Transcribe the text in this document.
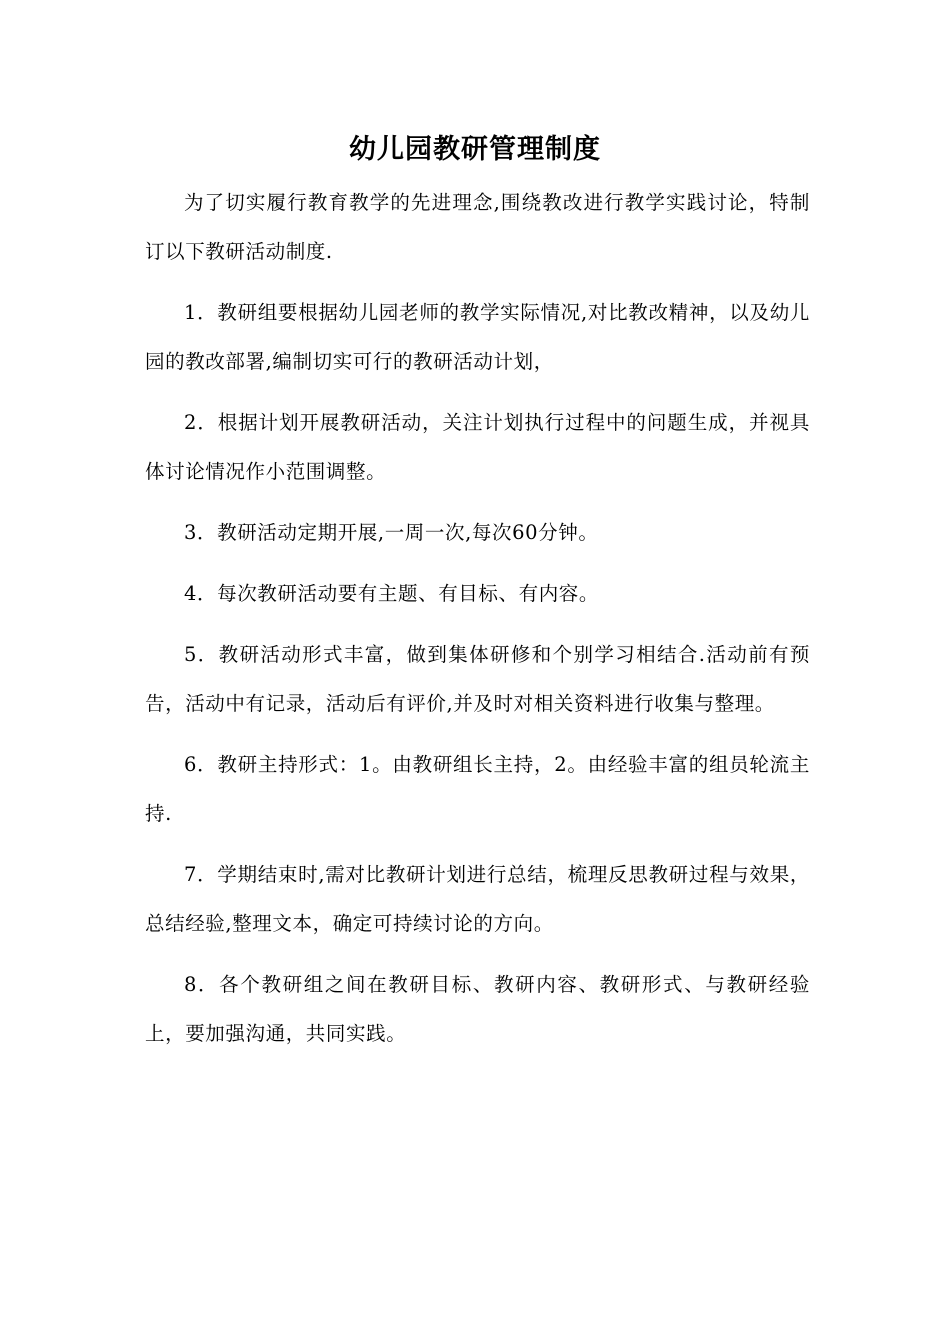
幼儿园教研管理制度

为了切实履行教育教学的先进理念,围绕教改进行教学实践讨论，特制订以下教研活动制度.

1．教研组要根据幼儿园老师的教学实际情况,对比教改精神，以及幼儿园的教改部署,编制切实可行的教研活动计划，

2．根据计划开展教研活动，关注计划执行过程中的问题生成，并视具体讨论情况作小范围调整。

3．教研活动定期开展,一周一次,每次60分钟。

4．每次教研活动要有主题、有目标、有内容。

5．教研活动形式丰富，做到集体研修和个别学习相结合.活动前有预告，活动中有记录，活动后有评价,并及时对相关资料进行收集与整理。

6．教研主持形式：1。由教研组长主持，2。由经验丰富的组员轮流主持.

7．学期结束时,需对比教研计划进行总结，梳理反思教研过程与效果，总结经验,整理文本，确定可持续讨论的方向。

8．各个教研组之间在教研目标、教研内容、教研形式、与教研经验上，要加强沟通，共同实践。
